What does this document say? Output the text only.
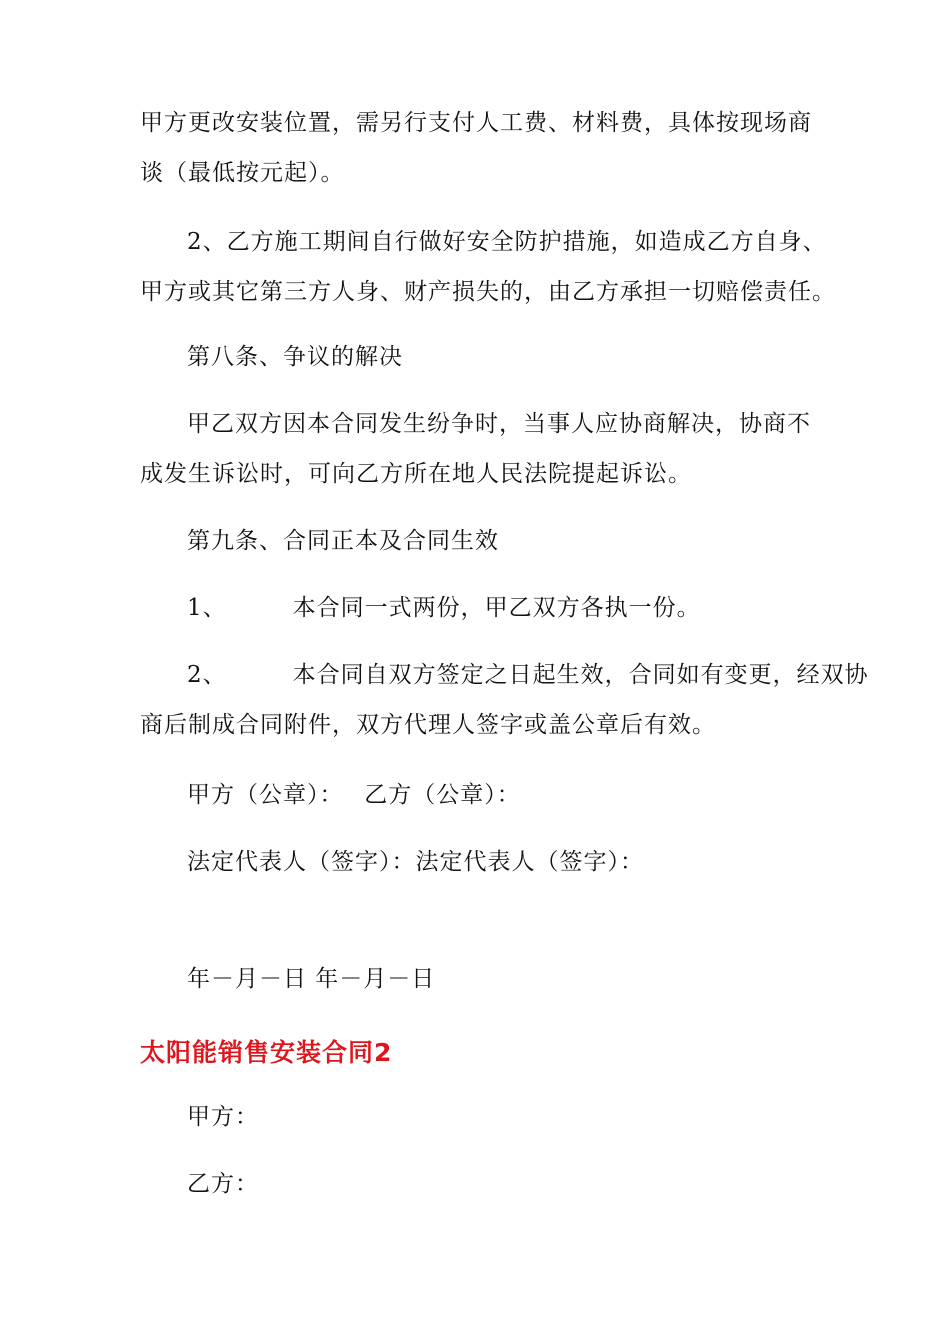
甲方更改安装位置，需另行支付人工费、材料费，具体按现场商
谈（最低按元起）。
2、乙方施工期间自行做好安全防护措施，如造成乙方自身、
甲方或其它第三方人身、财产损失的，由乙方承担一切赔偿责任。
第八条、争议的解决
甲乙双方因本合同发生纷争时，当事人应协商解决，协商不
成发生诉讼时，可向乙方所在地人民法院提起诉讼。
第九条、合同正本及合同生效
1、	本合同一式两份，甲乙双方各执一份。
2、	本合同自双方签定之日起生效，合同如有变更，经双协
商后制成合同附件，双方代理人签字或盖公章后有效。
甲方（公章）：　 乙方（公章）：
法定代表人（签字）：法定代表人（签字）：
年－月－日 年－月－日
太阳能销售安装合同2
甲方：
乙方：
